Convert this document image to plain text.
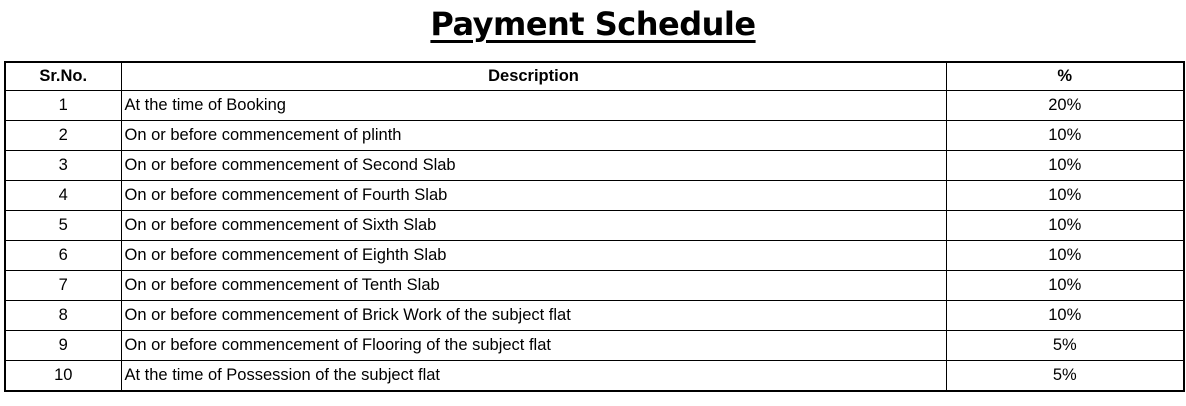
Payment Schedule
Sr.No.	Description	%
1	At the time of Booking	20%
2	On or before commencement of plinth	10%
3	On or before commencement of Second Slab	10%
4	On or before commencement of Fourth Slab	10%
5	On or before commencement of Sixth Slab	10%
6	On or before commencement of Eighth Slab	10%
7	On or before commencement of Tenth Slab	10%
8	On or before commencement of Brick Work of the subject flat	10%
9	On or before commencement of Flooring of the subject flat	5%
10	At the time of Possession of the subject flat	5%
